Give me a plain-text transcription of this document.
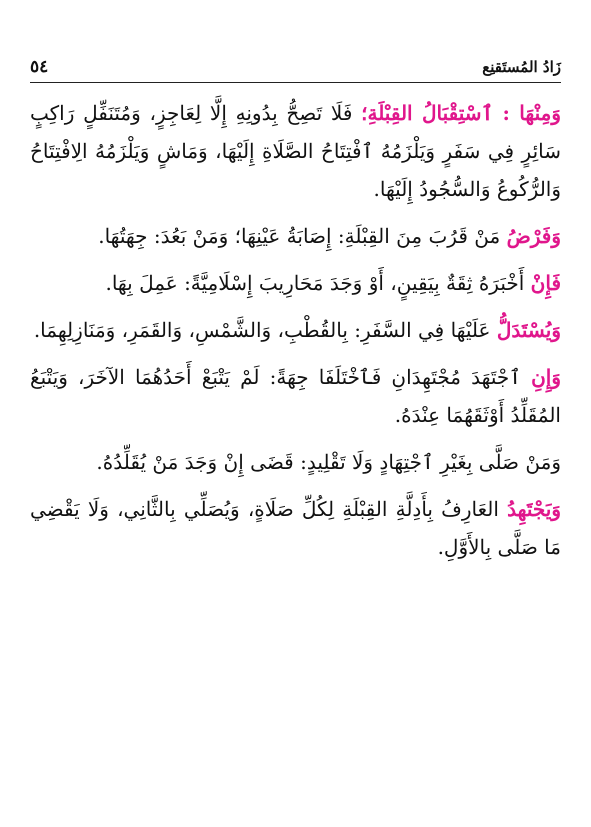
زَادُ المُستَقنِع
٥٤

وَمِنْهَا : ٱسْتِقْبَالُ القِبْلَةِ؛ فَلَا تَصِحُّ بِدُونِهِ إِلَّا لِعَاجِزٍ، وَمُتَنَفِّلٍ رَاكِبٍ سَائِرٍ فِي سَفَرٍ وَيَلْزَمُهُ ٱفْتِتَاحُ الصَّلَاةِ إِلَيْهَا، وَمَاشٍ وَيَلْزَمُهُ الِافْتِتَاحُ وَالرُّكُوعُ وَالسُّجُودُ إِلَيْهَا.

وَفَرْضُ مَنْ قَرُبَ مِنَ القِبْلَةِ: إِصَابَةُ عَيْنِهَا؛ وَمَنْ بَعُدَ: جِهَتُهَا.

فَإِنْ أَخْبَرَهُ ثِقَةٌ بِيَقِينٍ، أَوْ وَجَدَ مَحَارِيبَ إِسْلَامِيَّةً: عَمِلَ بِهَا.

وَيُسْتَدَلُّ عَلَيْهَا فِي السَّفَرِ: بِالقُطْبِ، وَالشَّمْسِ، وَالقَمَرِ، وَمَنَازِلِهِمَا.

وَإِنِ ٱجْتَهَدَ مُجْتَهِدَانِ فَٱخْتَلَفَا جِهَةً: لَمْ يَتْبَعْ أَحَدُهُمَا الآخَرَ، وَيَتْبَعُ المُقَلِّدُ أَوْثَقَهُمَا عِنْدَهُ.

وَمَنْ صَلَّى بِغَيْرِ ٱجْتِهَادٍ وَلَا تَقْلِيدٍ: قَضَى إِنْ وَجَدَ مَنْ يُقَلِّدُهُ.

وَيَجْتَهِدُ العَارِفُ بِأَدِلَّةِ القِبْلَةِ لِكُلِّ صَلَاةٍ، وَيُصَلِّي بِالثَّانِي، وَلَا يَقْضِي مَا صَلَّى بِالأَوَّلِ.
